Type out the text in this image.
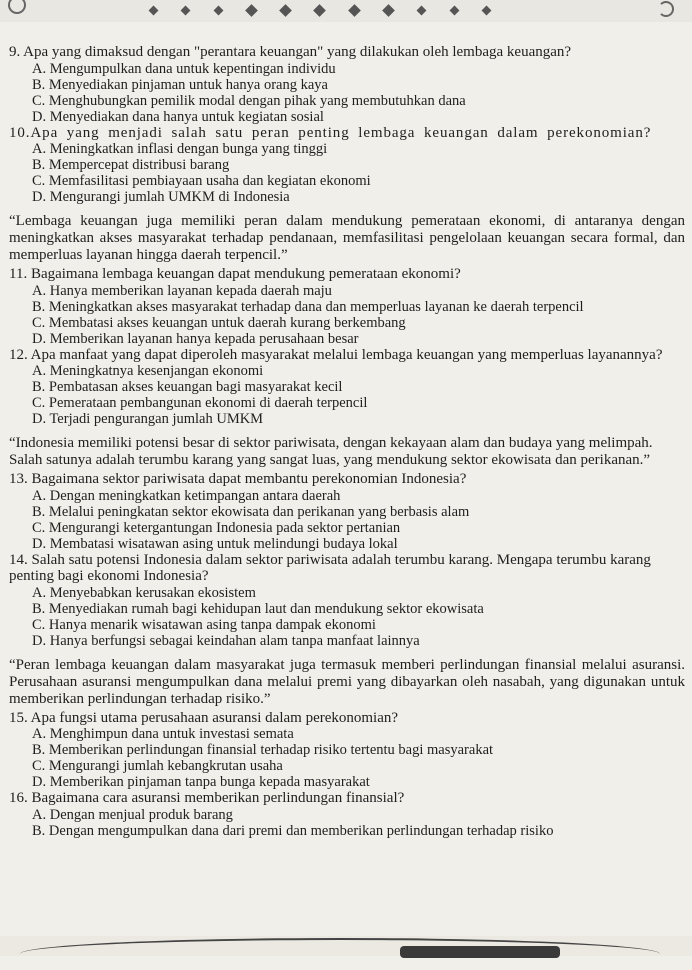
9. Apa yang dimaksud dengan "perantara keuangan" yang dilakukan oleh lembaga keuangan?

A. Mengumpulkan dana untuk kepentingan individu

B. Menyediakan pinjaman untuk hanya orang kaya

C. Menghubungkan pemilik modal dengan pihak yang membutuhkan dana

D. Menyediakan dana hanya untuk kegiatan sosial

10.Apa yang menjadi salah satu peran penting lembaga keuangan dalam perekonomian?

A. Meningkatkan inflasi dengan bunga yang tinggi

B. Mempercepat distribusi barang

C. Memfasilitasi pembiayaan usaha dan kegiatan ekonomi

D. Mengurangi jumlah UMKM di Indonesia

“Lembaga keuangan juga memiliki peran dalam mendukung pemerataan ekonomi, di antaranya dengan meningkatkan akses masyarakat terhadap pendanaan, memfasilitasi pengelolaan keuangan secara formal, dan memperluas layanan hingga daerah terpencil.”

11. Bagaimana lembaga keuangan dapat mendukung pemerataan ekonomi?

A. Hanya memberikan layanan kepada daerah maju

B. Meningkatkan akses masyarakat terhadap dana dan memperluas layanan ke daerah terpencil

C. Membatasi akses keuangan untuk daerah kurang berkembang

D. Memberikan layanan hanya kepada perusahaan besar

12. Apa manfaat yang dapat diperoleh masyarakat melalui lembaga keuangan yang memperluas layanannya?

A. Meningkatnya kesenjangan ekonomi

B. Pembatasan akses keuangan bagi masyarakat kecil

C. Pemerataan pembangunan ekonomi di daerah terpencil

D. Terjadi pengurangan jumlah UMKM

“Indonesia memiliki potensi besar di sektor pariwisata, dengan kekayaan alam dan budaya yang melimpah. Salah satunya adalah terumbu karang yang sangat luas, yang mendukung sektor ekowisata dan perikanan.”

13. Bagaimana sektor pariwisata dapat membantu perekonomian Indonesia?

A. Dengan meningkatkan ketimpangan antara daerah

B. Melalui peningkatan sektor ekowisata dan perikanan yang berbasis alam

C. Mengurangi ketergantungan Indonesia pada sektor pertanian

D. Membatasi wisatawan asing untuk melindungi budaya lokal

14. Salah satu potensi Indonesia dalam sektor pariwisata adalah terumbu karang. Mengapa terumbu karang penting bagi ekonomi Indonesia?

A. Menyebabkan kerusakan ekosistem

B. Menyediakan rumah bagi kehidupan laut dan mendukung sektor ekowisata

C. Hanya menarik wisatawan asing tanpa dampak ekonomi

D. Hanya berfungsi sebagai keindahan alam tanpa manfaat lainnya

“Peran lembaga keuangan dalam masyarakat juga termasuk memberi perlindungan finansial melalui asuransi. Perusahaan asuransi mengumpulkan dana melalui premi yang dibayarkan oleh nasabah, yang digunakan untuk memberikan perlindungan terhadap risiko.”

15. Apa fungsi utama perusahaan asuransi dalam perekonomian?

A. Menghimpun dana untuk investasi semata

B. Memberikan perlindungan finansial terhadap risiko tertentu bagi masyarakat

C. Mengurangi jumlah kebangkrutan usaha

D. Memberikan pinjaman tanpa bunga kepada masyarakat

16. Bagaimana cara asuransi memberikan perlindungan finansial?

A. Dengan menjual produk barang

B. Dengan mengumpulkan dana dari premi dan memberikan perlindungan terhadap risiko
